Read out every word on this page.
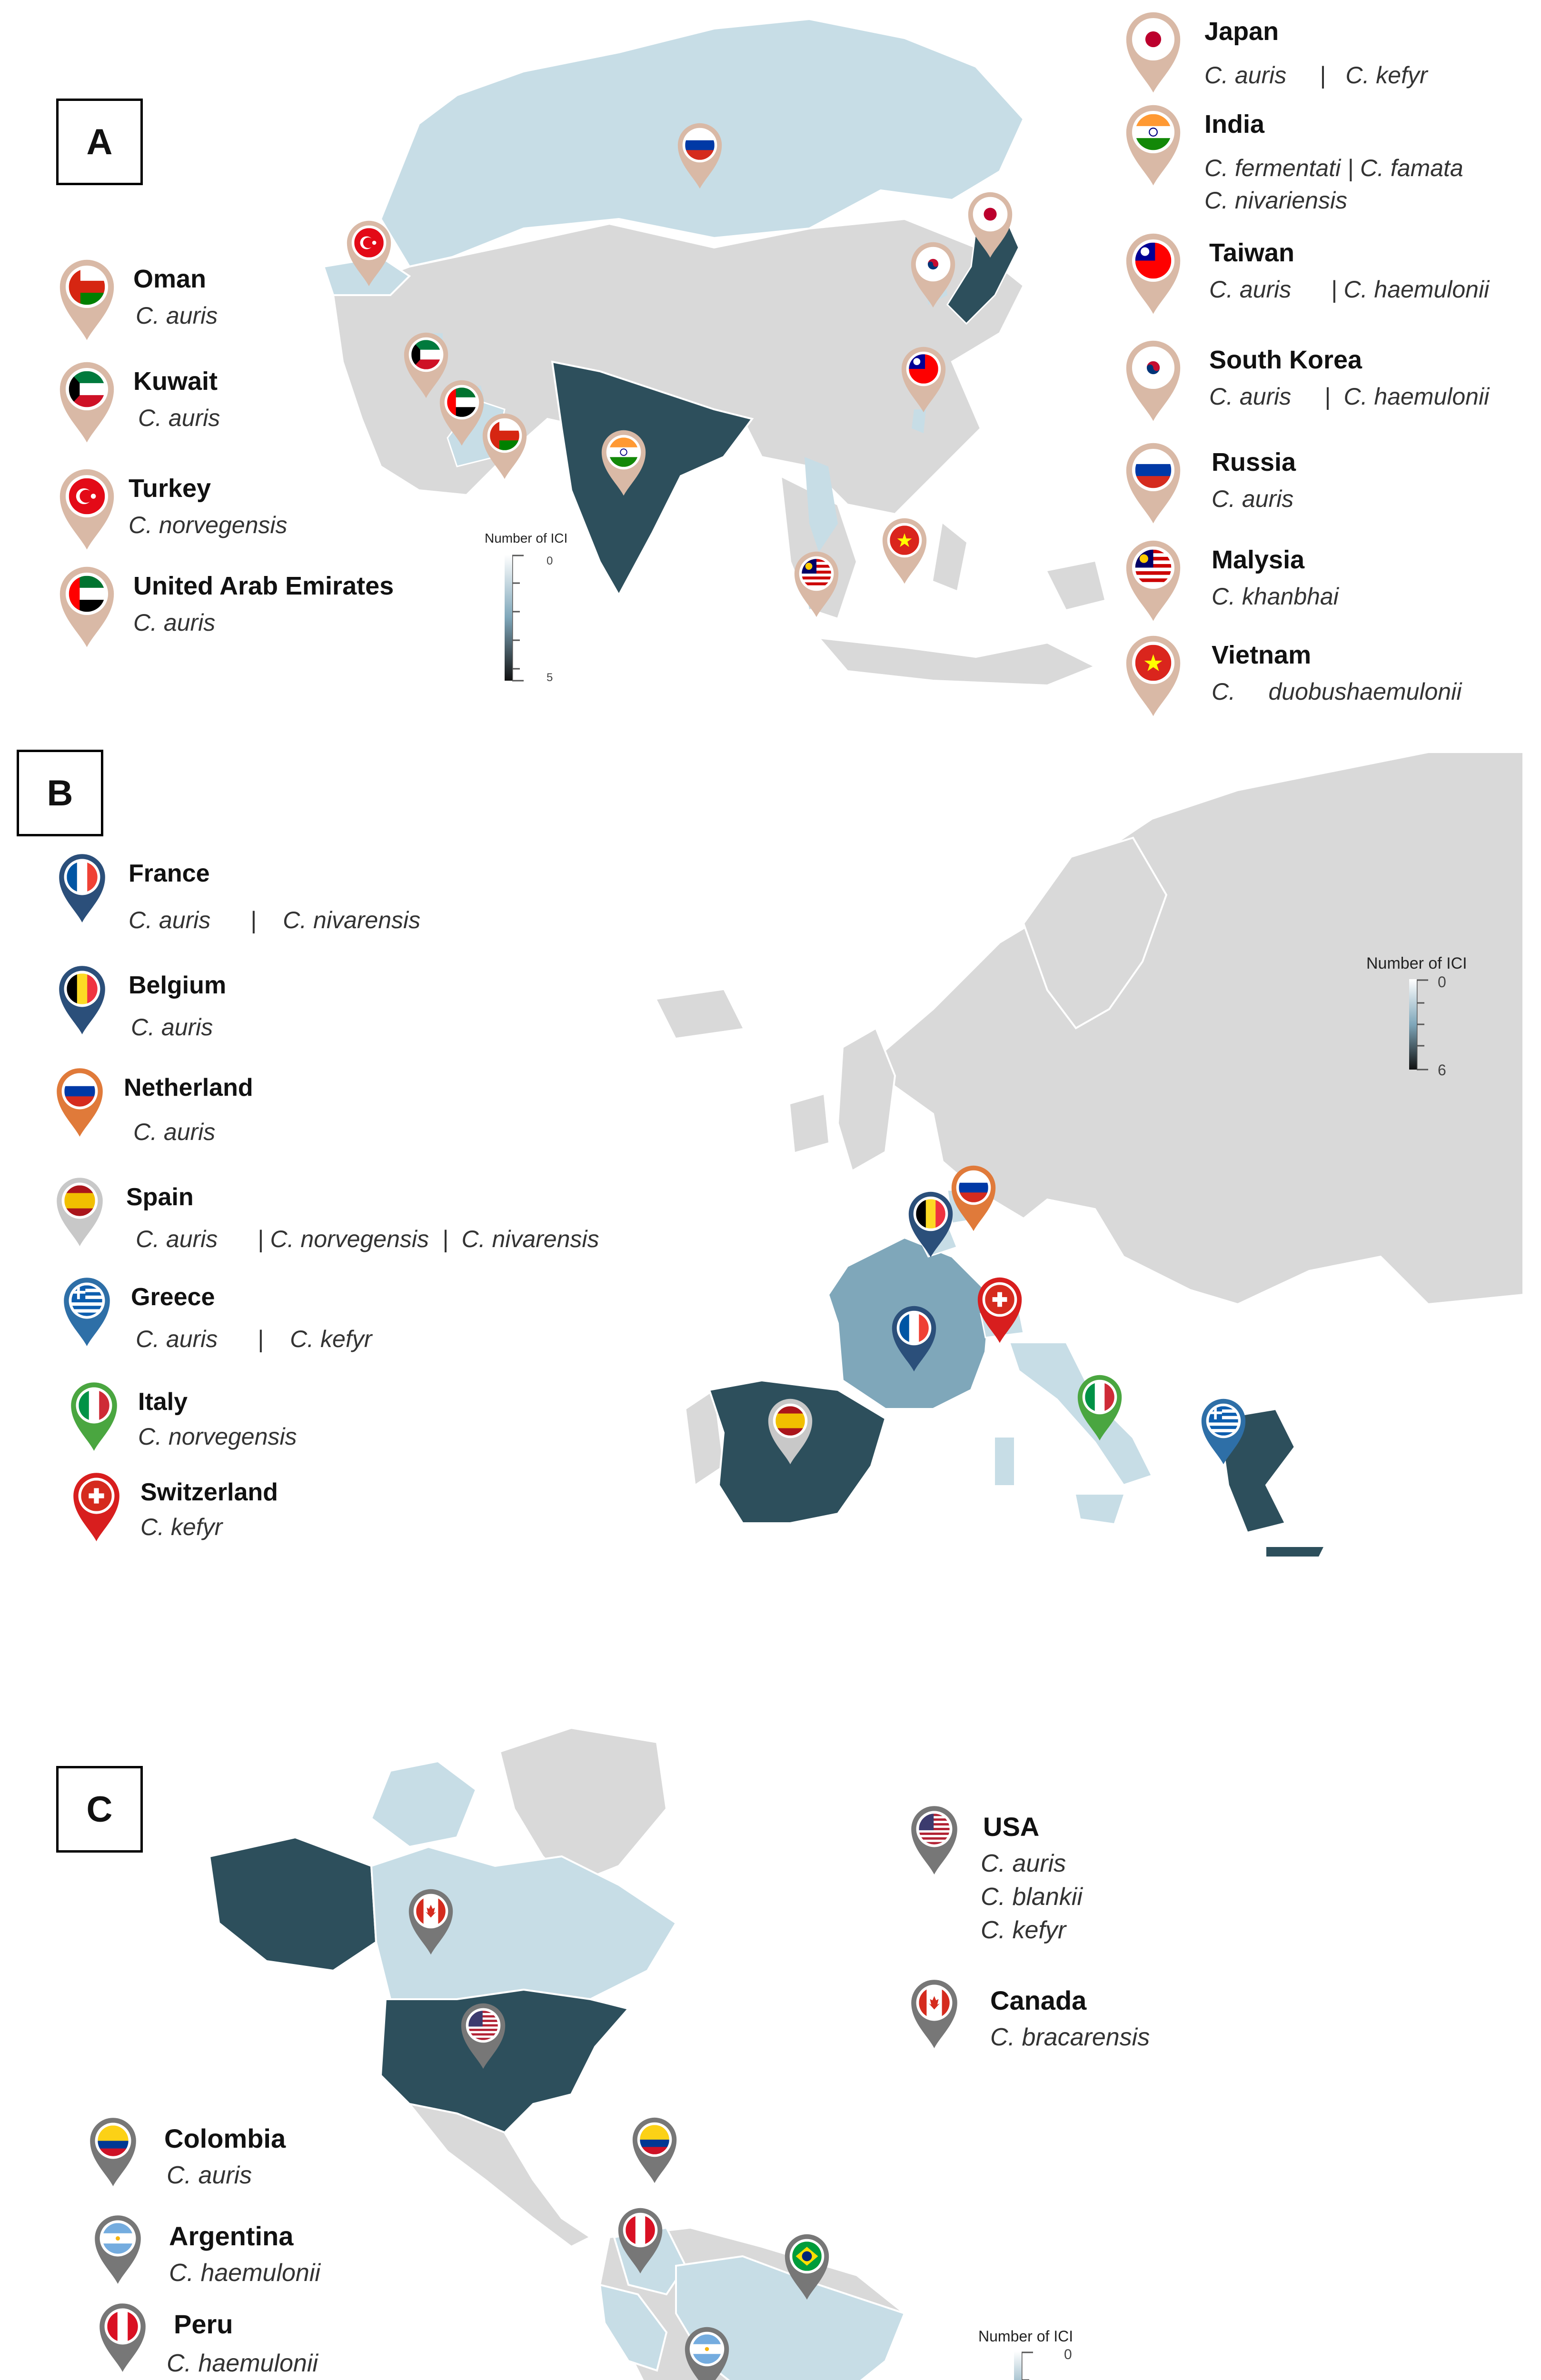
A
Number of ICI
0
5
Oman
C. auris
Kuwait
C. auris
Turkey
C. norvegensis
United Arab Emirates
C. auris
Japan
C. auris     |   C. kefyr
India
C. fermentati | C. famata
C. nivariensis
Taiwan
C. auris      | C. haemulonii
South Korea
C. auris     |  C. haemulonii
Russia
C. auris
Malysia
C. khanbhai
Vietnam
C.     duobushaemulonii
B
Number of ICI
0
6
France
C. auris      |    C. nivarensis
Belgium
C. auris
Netherland
C. auris
Spain
C. auris      | C. norvegensis  |  C. nivarensis
Greece
C. auris      |    C. kefyr
Italy
C. norvegensis
Switzerland
C. kefyr
C
Number of ICI
0
USA
C. auris
C. blankii
C. kefyr
Canada
C. bracarensis
Colombia
C. auris
Argentina
C. haemulonii
Peru
C. haemulonii
